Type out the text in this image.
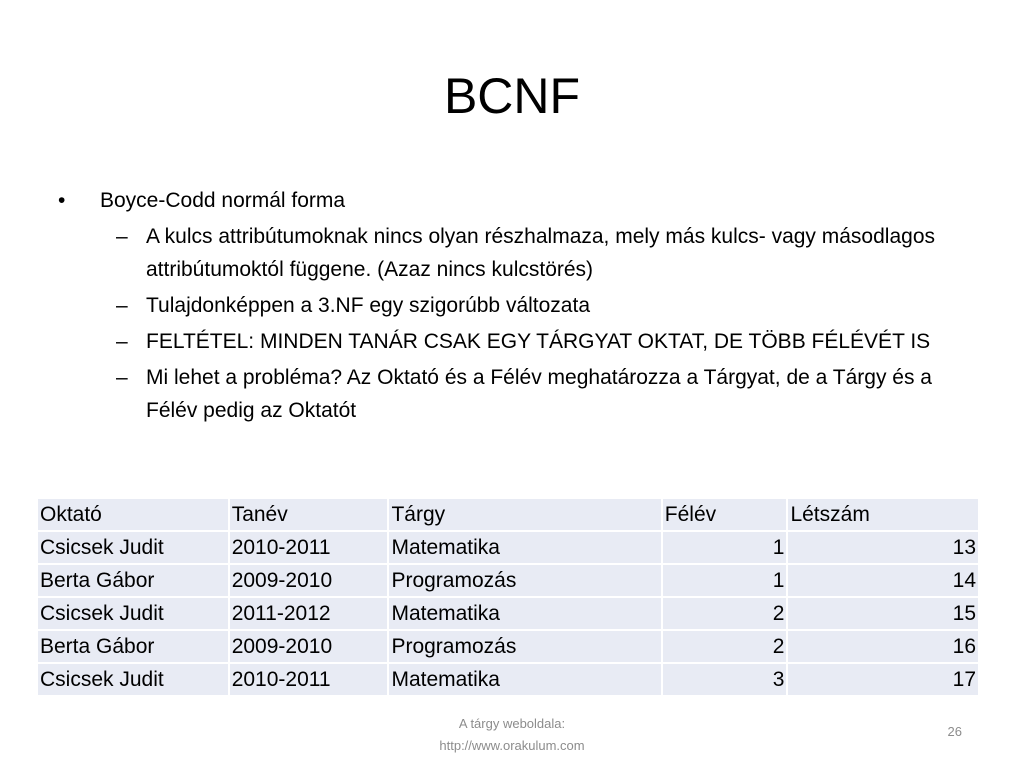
BCNF
• Boyce-Codd normál forma
– A kulcs attribútumoknak nincs olyan részhalmaza, mely más kulcs- vagy másodlagos attribútumoktól függene. (Azaz nincs kulcstörés)
– Tulajdonképpen a 3.NF egy szigorúbb változata
– FELTÉTEL: MINDEN TANÁR CSAK EGY TÁRGYAT OKTAT, DE TÖBB FÉLÉVÉT IS
– Mi lehet a probléma? Az Oktató és a Félév meghatározza a Tárgyat, de a Tárgy és a Félév pedig az Oktatót
Oktató	Tanév	Tárgy	Félév	Létszám
Csicsek Judit	2010-2011	Matematika	1	13
Berta Gábor	2009-2010	Programozás	1	14
Csicsek Judit	2011-2012	Matematika	2	15
Berta Gábor	2009-2010	Programozás	2	16
Csicsek Judit	2010-2011	Matematika	3	17
A tárgy weboldala:
http://www.orakulum.com
26
